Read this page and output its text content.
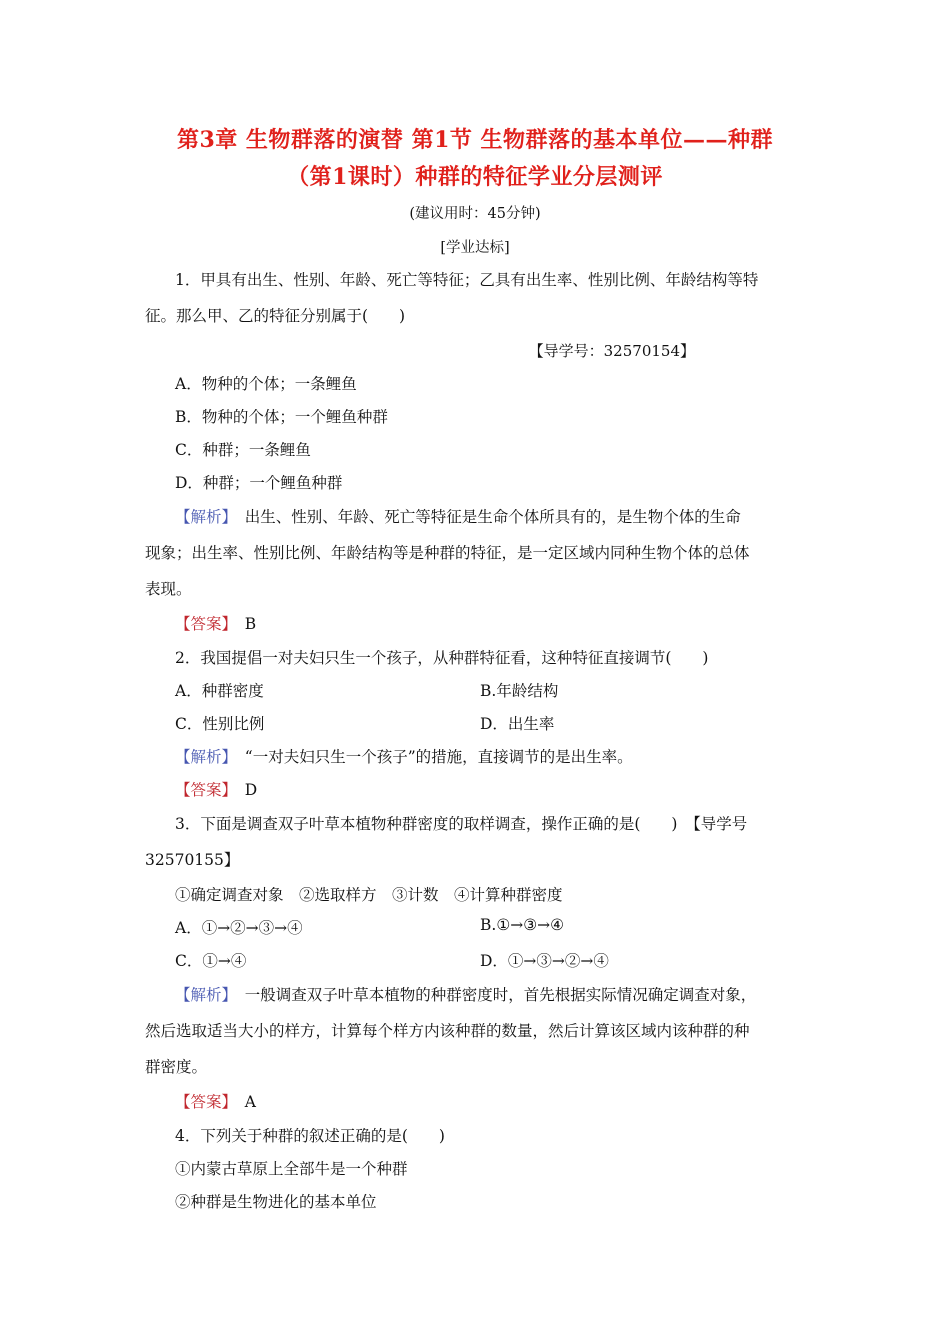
第3章 生物群落的演替 第1节 生物群落的基本单位——种群
（第1课时）种群的特征学业分层测评
(建议用时：45分钟)
[学业达标]
1．甲具有出生、性别、年龄、死亡等特征；乙具有出生率、性别比例、年龄结构等特
征。那么甲、乙的特征分别属于(　　)
【导学号：32570154】
A．物种的个体；一条鲤鱼
B．物种的个体；一个鲤鱼种群
C．种群；一条鲤鱼
D．种群；一个鲤鱼种群
【解析】　出生、性别、年龄、死亡等特征是生命个体所具有的，是生物个体的生命
现象；出生率、性别比例、年龄结构等是种群的特征，是一定区域内同种生物个体的总体
表现。
【答案】　B
2．我国提倡一对夫妇只生一个孩子，从种群特征看，这种特征直接调节(　　)
A．种群密度	B.年龄结构
C．性别比例	D．出生率
【解析】　“一对夫妇只生一个孩子”的措施，直接调节的是出生率。
【答案】　D
3．下面是调查双子叶草本植物种群密度的取样调查，操作正确的是(　　)　【导学号
32570155】
①确定调查对象　②选取样方　③计数　④计算种群密度
A．①→②→③→④	B.①→③→④
C．①→④	D．①→③→②→④
【解析】　一般调查双子叶草本植物的种群密度时，首先根据实际情况确定调查对象，
然后选取适当大小的样方，计算每个样方内该种群的数量，然后计算该区域内该种群的种
群密度。
【答案】　A
4．下列关于种群的叙述正确的是(　　)
①内蒙古草原上全部牛是一个种群
②种群是生物进化的基本单位
